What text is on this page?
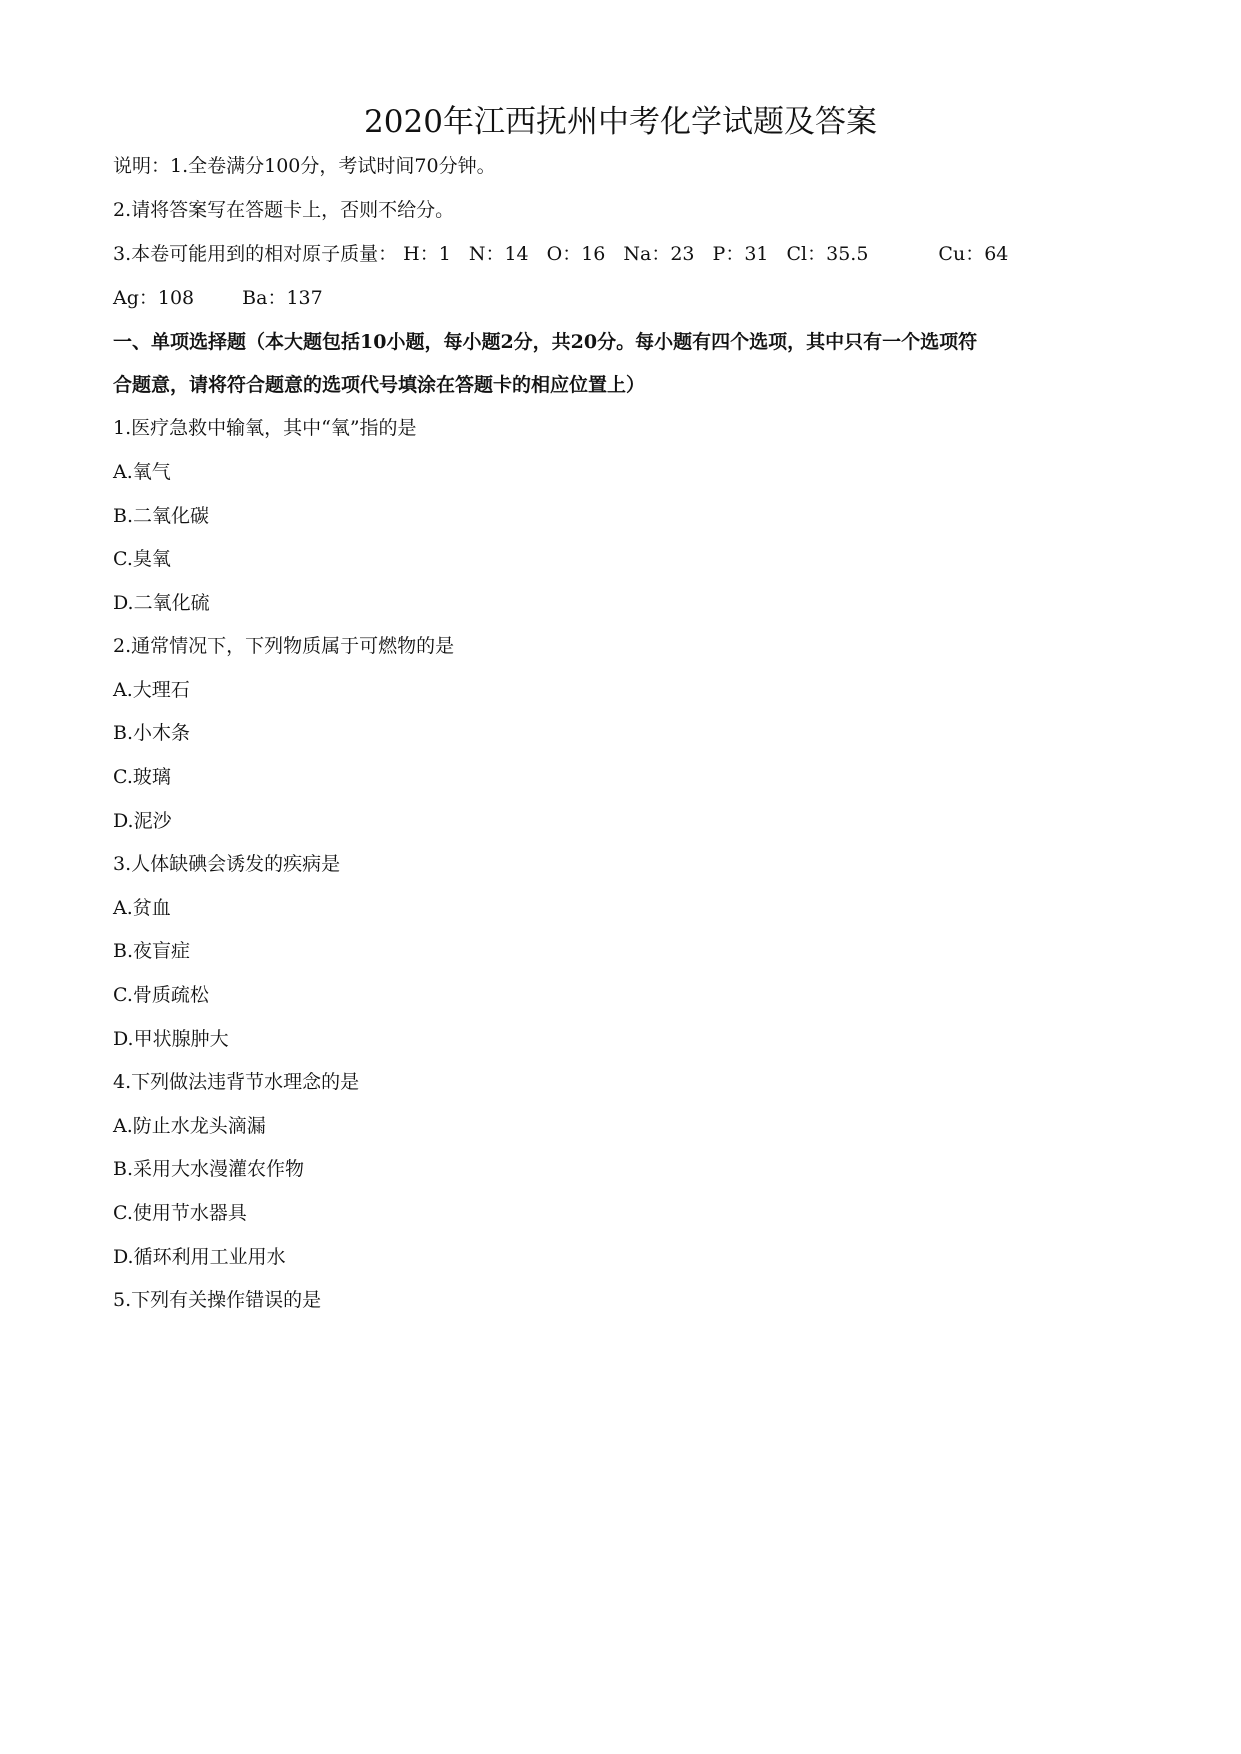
2020年江西抚州中考化学试题及答案
说明：1.全卷满分100分，考试时间70分钟。
2.请将答案写在答题卡上，否则不给分。
3.本卷可能用到的相对原子质量： H：1 N：14 O：16 Na：23 P：31 Cl：35.5	Cu：64
Ag：108	Ba：137
一、单项选择题（本大题包括10小题，每小题2分，共20分。每小题有四个选项，其中只有一个选项符
合题意，请将符合题意的选项代号填涂在答题卡的相应位置上）
1.医疗急救中输氧，其中“氧”指的是
A.氧气
B.二氧化碳
C.臭氧
D.二氧化硫
2.通常情况下，下列物质属于可燃物的是
A.大理石
B.小木条
C.玻璃
D.泥沙
3.人体缺碘会诱发的疾病是
A.贫血
B.夜盲症
C.骨质疏松
D.甲状腺肿大
4.下列做法违背节水理念的是
A.防止水龙头滴漏
B.采用大水漫灌农作物
C.使用节水器具
D.循环利用工业用水
5.下列有关操作错误的是
